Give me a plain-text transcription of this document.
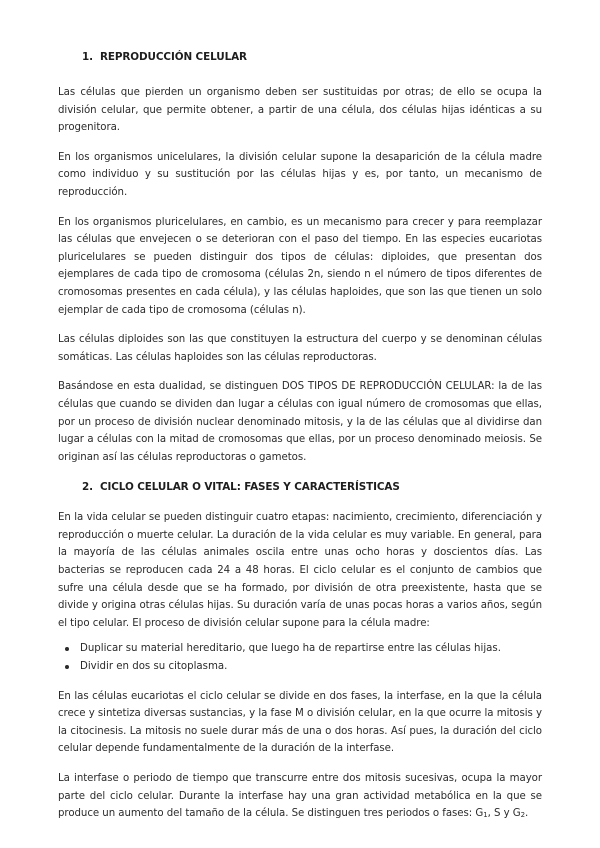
1. REPRODUCCIÓN CELULAR

Las células que pierden un organismo deben ser sustituidas por otras; de ello se ocupa la división celular, que permite obtener, a partir de una célula, dos células hijas idénticas a su progenitora.

En los organismos unicelulares, la división celular supone la desaparición de la célula madre como individuo y su sustitución por las células hijas y es, por tanto, un mecanismo de reproducción.

En los organismos pluricelulares, en cambio, es un mecanismo para crecer y para reemplazar las células que envejecen o se deterioran con el paso del tiempo. En las especies eucariotas pluricelulares se pueden distinguir dos tipos de células: diploides, que presentan dos ejemplares de cada tipo de cromosoma (células 2n, siendo n el número de tipos diferentes de cromosomas presentes en cada célula), y las células haploides, que son las que tienen un solo ejemplar de cada tipo de cromosoma (células n).

Las células diploides son las que constituyen la estructura del cuerpo y se denominan células somáticas. Las células haploides son las células reproductoras.

Basándose en esta dualidad, se distinguen DOS TIPOS DE REPRODUCCIÓN CELULAR: la de las células que cuando se dividen dan lugar a células con igual número de cromosomas que ellas, por un proceso de división nuclear denominado mitosis, y la de las células que al dividirse dan lugar a células con la mitad de cromosomas que ellas, por un proceso denominado meiosis. Se originan así las células reproductoras o gametos.

2. CICLO CELULAR O VITAL: FASES Y CARACTERÍSTICAS

En la vida celular se pueden distinguir cuatro etapas: nacimiento, crecimiento, diferenciación y reproducción o muerte celular. La duración de la vida celular es muy variable. En general, para la mayoría de las células animales oscila entre unas ocho horas y doscientos días. Las bacterias se reproducen cada 24 a 48 horas. El ciclo celular es el conjunto de cambios que sufre una célula desde que se ha formado, por división de otra preexistente, hasta que se divide y origina otras células hijas. Su duración varía de unas pocas horas a varios años, según el tipo celular. El proceso de división celular supone para la célula madre:

Duplicar su material hereditario, que luego ha de repartirse entre las células hijas.
Dividir en dos su citoplasma.

En las células eucariotas el ciclo celular se divide en dos fases, la interfase, en la que la célula crece y sintetiza diversas sustancias, y la fase M o división celular, en la que ocurre la mitosis y la citocinesis. La mitosis no suele durar más de una o dos horas. Así pues, la duración del ciclo celular depende fundamentalmente de la duración de la interfase.

La interfase o periodo de tiempo que transcurre entre dos mitosis sucesivas, ocupa la mayor parte del ciclo celular. Durante la interfase hay una gran actividad metabólica en la que se produce un aumento del tamaño de la célula. Se distinguen tres periodos o fases: $G_1$, S y $G_2$.
